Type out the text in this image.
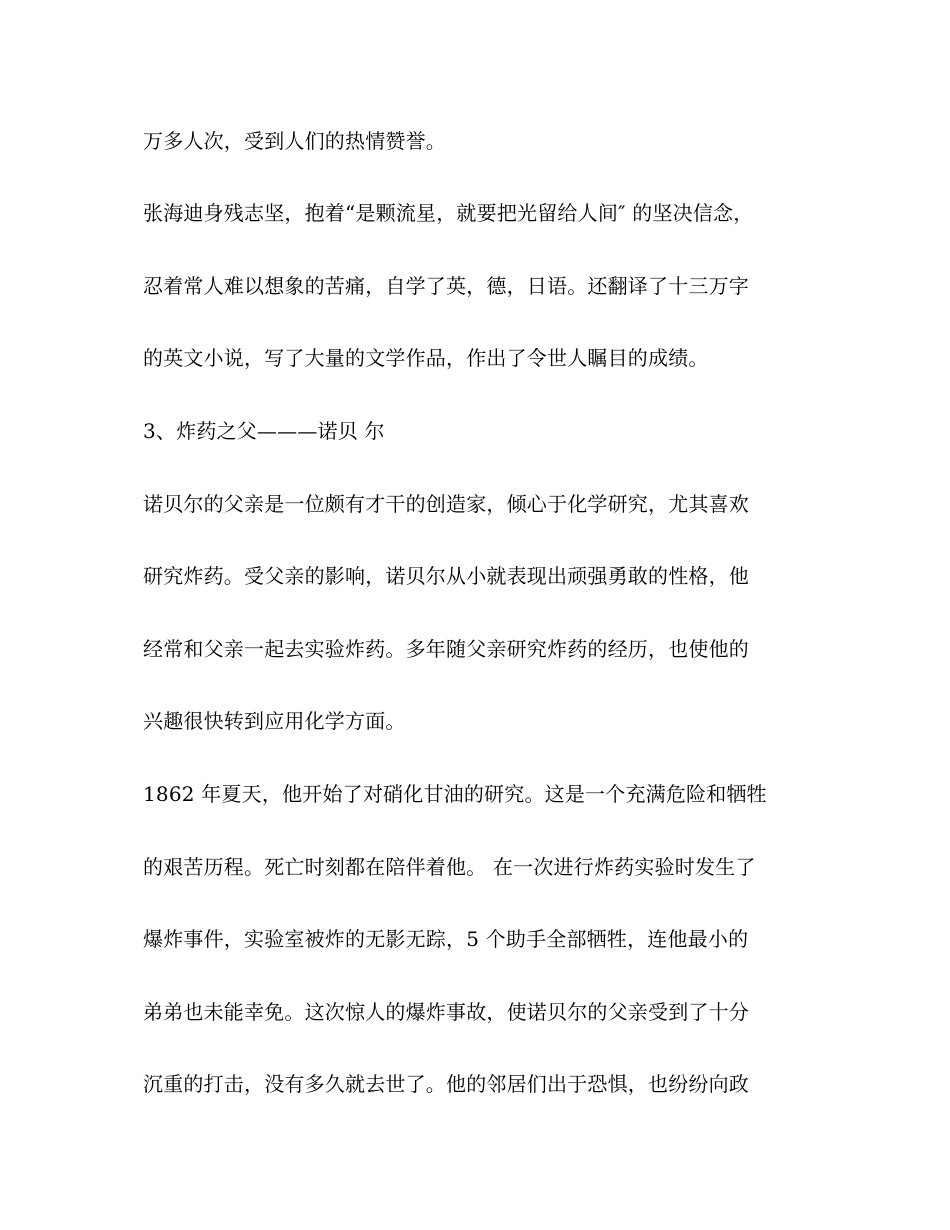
万多人次，受到人们的热情赞誉。
张海迪身残志坚，抱着“是颗流星，就要把光留给人间″ 的坚决信念，
忍着常人难以想象的苦痛，自学了英，德，日语。还翻译了十三万字
的英文小说，写了大量的文学作品，作出了令世人瞩目的成绩。
3、炸药之父———诺贝 尔
诺贝尔的父亲是一位颇有才干的创造家，倾心于化学研究，尤其喜欢
研究炸药。受父亲的影响，诺贝尔从小就表现出顽强勇敢的性格，他
经常和父亲一起去实验炸药。多年随父亲研究炸药的经历，也使他的
兴趣很快转到应用化学方面。
1862 年夏天，他开始了对硝化甘油的研究。这是一个充满危险和牺牲
的艰苦历程。死亡时刻都在陪伴着他。 在一次进行炸药实验时发生了
爆炸事件，实验室被炸的无影无踪，5 个助手全部牺牲，连他最小的
弟弟也未能幸免。这次惊人的爆炸事故，使诺贝尔的父亲受到了十分
沉重的打击，没有多久就去世了。他的邻居们出于恐惧，也纷纷向政
